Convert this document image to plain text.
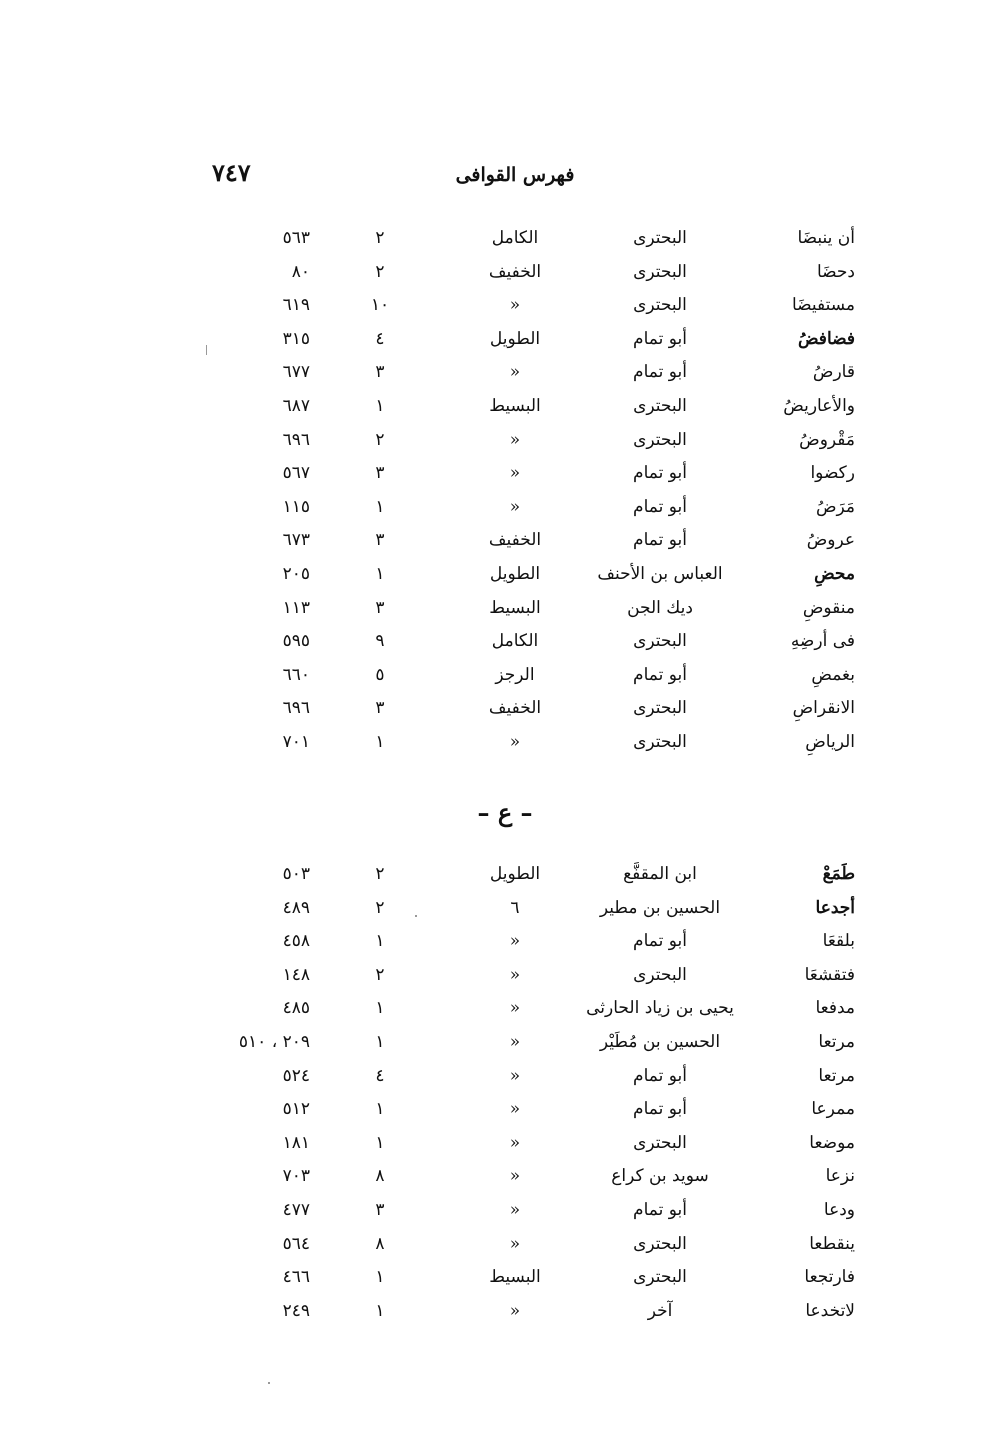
٧٤٧	فهرس القوافى
أن ينبضَا
البحترى
الكامل
٢
٥٦٣
دحضَا
البحترى
الخفيف
٢
٨٠
مستفيضَا
البحترى
»
١٠
٦١٩
فضافضُ
أبو تمام
الطويل
٤
٣١٥
قارضُ
أبو تمام
»
٣
٦٧٧
والأعاريضُ
البحترى
البسيط
١
٦٨٧
مَقْروضُ
البحترى
»
٢
٦٩٦
ركضوا
أبو تمام
»
٣
٥٦٧
مَرَضُ
أبو تمام
»
١
١١٥
عروضُ
أبو تمام
الخفيف
٣
٦٧٣
محضِ
العباس بن الأحنف
الطويل
١
٢٠٥
منقوضِ
ديك الجن
البسيط
٣
١١٣
فى أرضِهِ
البحترى
الكامل
٩
٥٩٥
بغمضِ
أبو تمام
الرجز
٥
٦٦٠
الانقراضِ
البحترى
الخفيف
٣
٦٩٦
الرياضِ
البحترى
»
١
٧٠١
– ع –
طَمَعْ
ابن المقفَّع
الطويل
٢
٥٠٣
أجدعا
الحسين بن مطير
٦
٢
٤٨٩
بلقعَا
أبو تمام
»
١
٤٥٨
فتقشعَا
البحترى
»
٢
١٤٨
مدفعا
يحيى بن زياد الحارثى
»
١
٤٨٥
مرتعا
الحسين بن مُطَيْر
»
١
٢٠٩ ، ٥١٠
مرتعا
أبو تمام
»
٤
٥٢٤
ممرعا
أبو تمام
»
١
٥١٢
موضعا
البحترى
»
١
١٨١
نزعا
سويد بن كراع
»
٨
٧٠٣
ودعا
أبو تمام
»
٣
٤٧٧
ينقطعا
البحترى
»
٨
٥٦٤
فارتجعا
البحترى
البسيط
١
٤٦٦
لاتخدعا
آخر
»
١
٢٤٩
